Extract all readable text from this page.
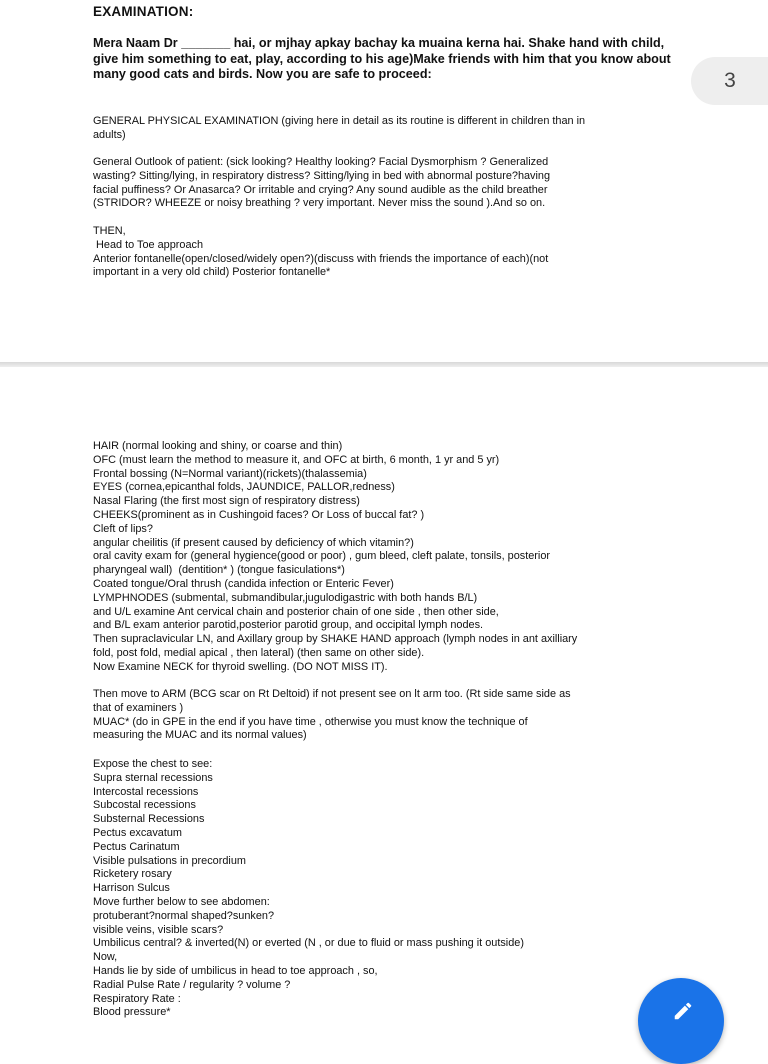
EXAMINATION:
Mera Naam Dr _______ hai, or mjhay apkay bachay ka muaina kerna hai. Shake hand with child, give him something to eat, play, according to his age)Make friends with him that you know about many good cats and birds. Now you are safe to proceed:	3
GENERAL PHYSICAL EXAMINATION (giving here in detail as its routine is different in children than in
adults)
General Outlook of patient: (sick looking? Healthy looking? Facial Dysmorphism ? Generalized
wasting? Sitting/lying, in respiratory distress? Sitting/lying in bed with abnormal posture?having
facial puffiness? Or Anasarca? Or irritable and crying? Any sound audible as the child breather
(STRIDOR? WHEEZE or noisy breathing ? very important. Never miss the sound ).And so on.
THEN,
Head to Toe approach
Anterior fontanelle(open/closed/widely open?)(discuss with friends the importance of each)(not
important in a very old child) Posterior fontanelle*
HAIR (normal looking and shiny, or coarse and thin)
OFC (must learn the method to measure it, and OFC at birth, 6 month, 1 yr and 5 yr)
Frontal bossing (N=Normal variant)(rickets)(thalassemia)
EYES (cornea,epicanthal folds, JAUNDICE, PALLOR,redness)
Nasal Flaring (the first most sign of respiratory distress)
CHEEKS(prominent as in Cushingoid faces? Or Loss of buccal fat? )
Cleft of lips?
angular cheilitis (if present caused by deficiency of which vitamin?)
oral cavity exam for (general hygience(good or poor) , gum bleed, cleft palate, tonsils, posterior
pharyngeal wall)  (dentition* ) (tongue fasiculations*)
Coated tongue/Oral thrush (candida infection or Enteric Fever)
LYMPHNODES (submental, submandibular,jugulodigastric with both hands B/L)
and U/L examine Ant cervical chain and posterior chain of one side , then other side,
and B/L exam anterior parotid,posterior parotid group, and occipital lymph nodes.
Then supraclavicular LN, and Axillary group by SHAKE HAND approach (lymph nodes in ant axilliary
fold, post fold, medial apical , then lateral) (then same on other side).
Now Examine NECK for thyroid swelling. (DO NOT MISS IT).
Then move to ARM (BCG scar on Rt Deltoid) if not present see on lt arm too. (Rt side same side as
that of examiners )
MUAC* (do in GPE in the end if you have time , otherwise you must know the technique of
measuring the MUAC and its normal values)
Expose the chest to see:
Supra sternal recessions
Intercostal recessions
Subcostal recessions
Substernal Recessions
Pectus excavatum
Pectus Carinatum
Visible pulsations in precordium
Ricketery rosary
Harrison Sulcus
Move further below to see abdomen:
protuberant?normal shaped?sunken?
visible veins, visible scars?
Umbilicus central? & inverted(N) or everted (N , or due to fluid or mass pushing it outside)
Now,
Hands lie by side of umbilicus in head to toe approach , so,
Radial Pulse Rate / regularity ? volume ?
Respiratory Rate :
Blood pressure*
